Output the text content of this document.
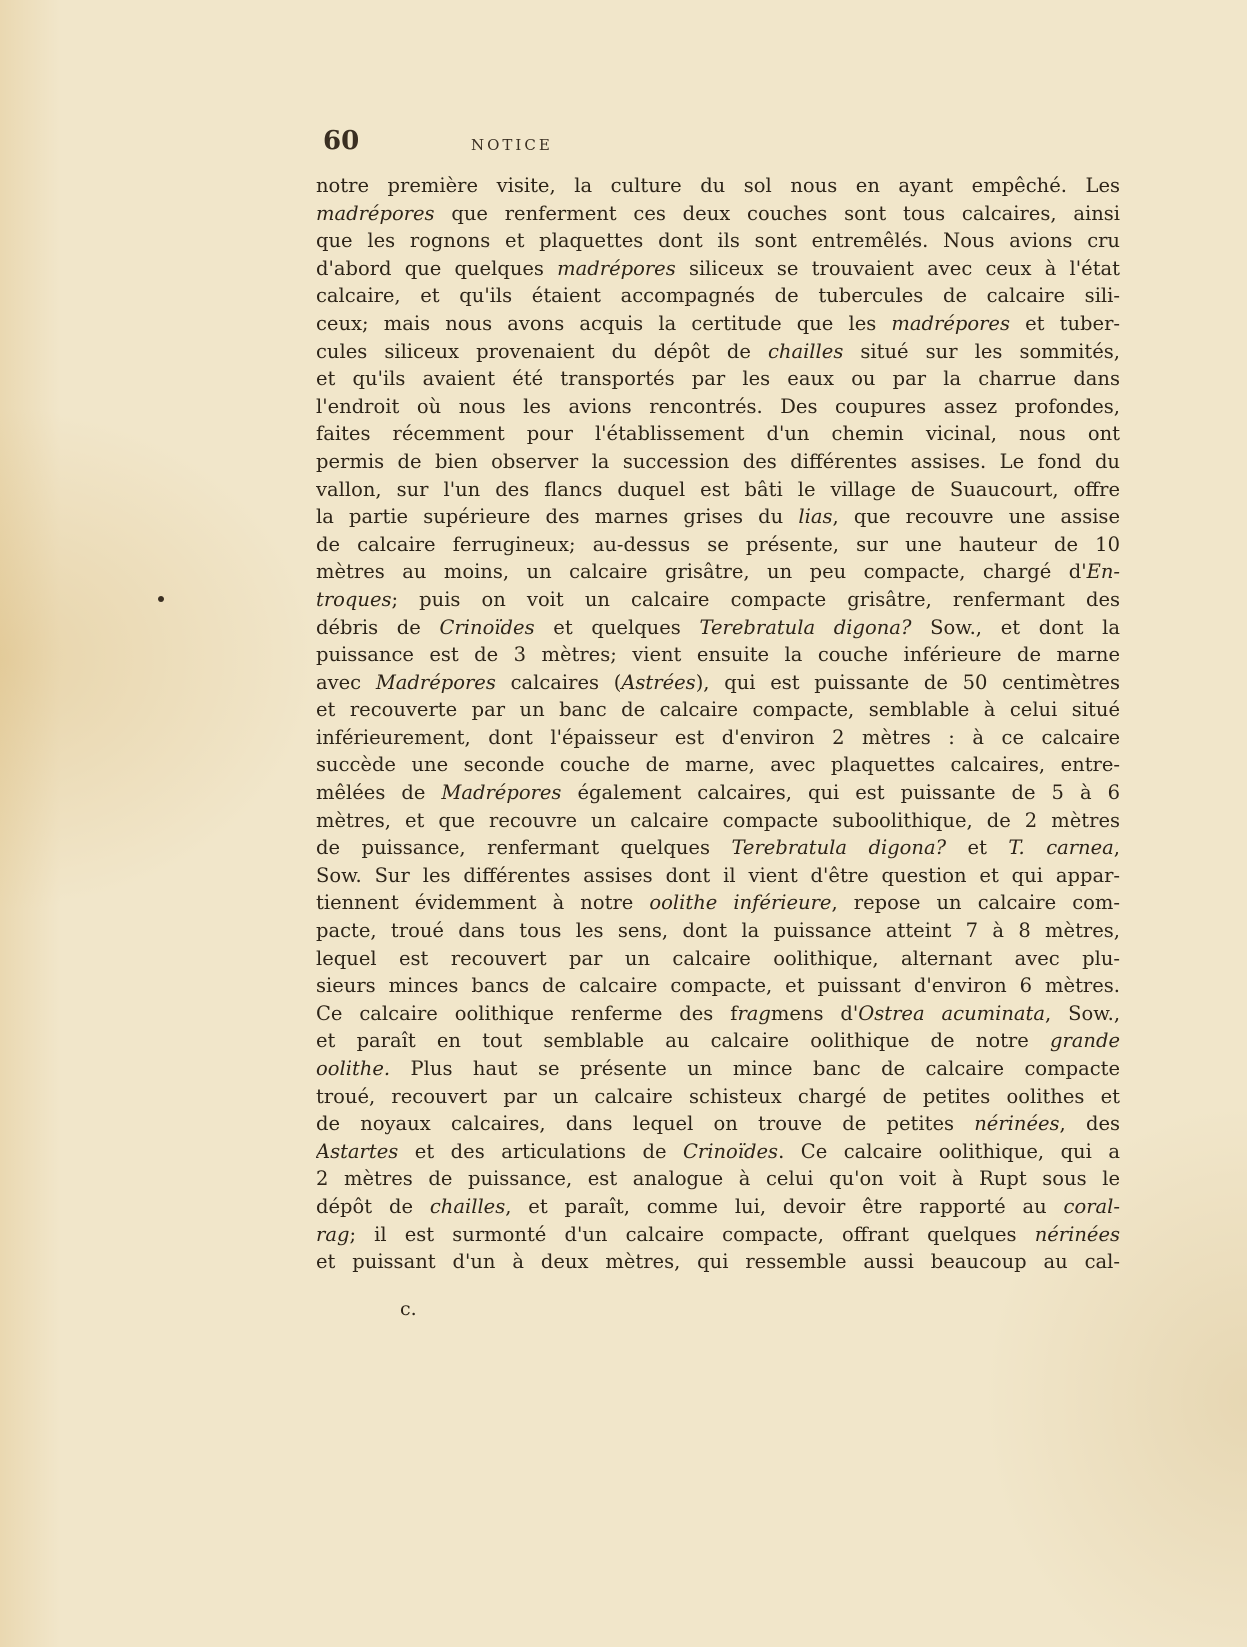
60	NOTICE
notre première visite, la culture du sol nous en ayant empêché. Les
madrépores que renferment ces deux couches sont tous calcaires, ainsi
que les rognons et plaquettes dont ils sont entremêlés. Nous avions cru
d'abord que quelques madrépores siliceux se trouvaient avec ceux à l'état
calcaire, et qu'ils étaient accompagnés de tubercules de calcaire sili-
ceux; mais nous avons acquis la certitude que les madrépores et tuber-
cules siliceux provenaient du dépôt de chailles situé sur les sommités,
et qu'ils avaient été transportés par les eaux ou par la charrue dans
l'endroit où nous les avions rencontrés. Des coupures assez profondes,
faites récemment pour l'établissement d'un chemin vicinal, nous ont
permis de bien observer la succession des différentes assises. Le fond du
vallon, sur l'un des flancs duquel est bâti le village de Suaucourt, offre
la partie supérieure des marnes grises du lias, que recouvre une assise
de calcaire ferrugineux; au-dessus se présente, sur une hauteur de 10
mètres au moins, un calcaire grisâtre, un peu compacte, chargé d'En-
troques; puis on voit un calcaire compacte grisâtre, renfermant des
débris de Crinoïdes et quelques Terebratula digona? Sow., et dont la
puissance est de 3 mètres; vient ensuite la couche inférieure de marne
avec Madrépores calcaires (Astrées), qui est puissante de 50 centimètres
et recouverte par un banc de calcaire compacte, semblable à celui situé
inférieurement, dont l'épaisseur est d'environ 2 mètres : à ce calcaire
succède une seconde couche de marne, avec plaquettes calcaires, entre-
mêlées de Madrépores également calcaires, qui est puissante de 5 à 6
mètres, et que recouvre un calcaire compacte suboolithique, de 2 mètres
de puissance, renfermant quelques Terebratula digona? et T. carnea,
Sow. Sur les différentes assises dont il vient d'être question et qui appar-
tiennent évidemment à notre oolithe inférieure, repose un calcaire com-
pacte, troué dans tous les sens, dont la puissance atteint 7 à 8 mètres,
lequel est recouvert par un calcaire oolithique, alternant avec plu-
sieurs minces bancs de calcaire compacte, et puissant d'environ 6 mètres.
Ce calcaire oolithique renferme des fragmens d'Ostrea acuminata, Sow.,
et paraît en tout semblable au calcaire oolithique de notre grande
oolithe. Plus haut se présente un mince banc de calcaire compacte
troué, recouvert par un calcaire schisteux chargé de petites oolithes et
de noyaux calcaires, dans lequel on trouve de petites nérinées, des
Astartes et des articulations de Crinoïdes. Ce calcaire oolithique, qui a
2 mètres de puissance, est analogue à celui qu'on voit à Rupt sous le
dépôt de chailles, et paraît, comme lui, devoir être rapporté au coral-
rag; il est surmonté d'un calcaire compacte, offrant quelques nérinées
et puissant d'un à deux mètres, qui ressemble aussi beaucoup au cal-
c.
